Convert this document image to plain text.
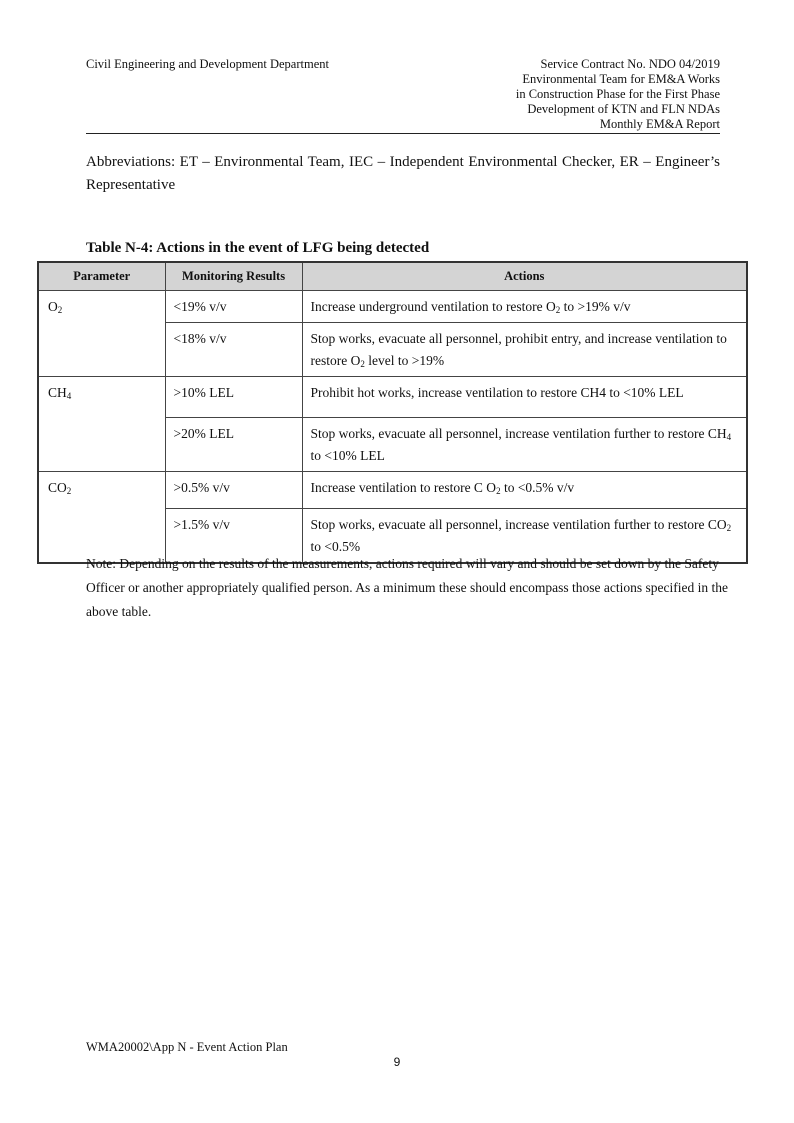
Civil Engineering and Development Department	Service Contract No. NDO 04/2019
Environmental Team for EM&A Works
in Construction Phase for the First Phase
Development of KTN and FLN NDAs
Monthly EM&A Report
Abbreviations: ET – Environmental Team, IEC – Independent Environmental Checker, ER – Engineer’s Representative
Table N-4: Actions in the event of LFG being detected
Parameter	Monitoring Results	Actions
$O_2$	<19% v/v	Increase underground ventilation to restore $O_2$ to >19% v/v
	<18% v/v	Stop works, evacuate all personnel, prohibit entry, and increase ventilation to restore $O_2$ level to >19%
$CH_4$	>10% LEL	Prohibit hot works, increase ventilation to restore CH4 to <10% LEL
	>20% LEL	Stop works, evacuate all personnel, increase ventilation further to restore $CH_4$ to <10% LEL
$CO_2$	>0.5% v/v	Increase ventilation to restore C $O_2$ to <0.5% v/v
	>1.5% v/v	Stop works, evacuate all personnel, increase ventilation further to restore $CO_2$ to <0.5%
Note: Depending on the results of the measurements, actions required will vary and should be set down by the Safety Officer or another appropriately qualified person. As a minimum these should encompass those actions specified in the above table.
WMA20002\App N - Event Action Plan
9
